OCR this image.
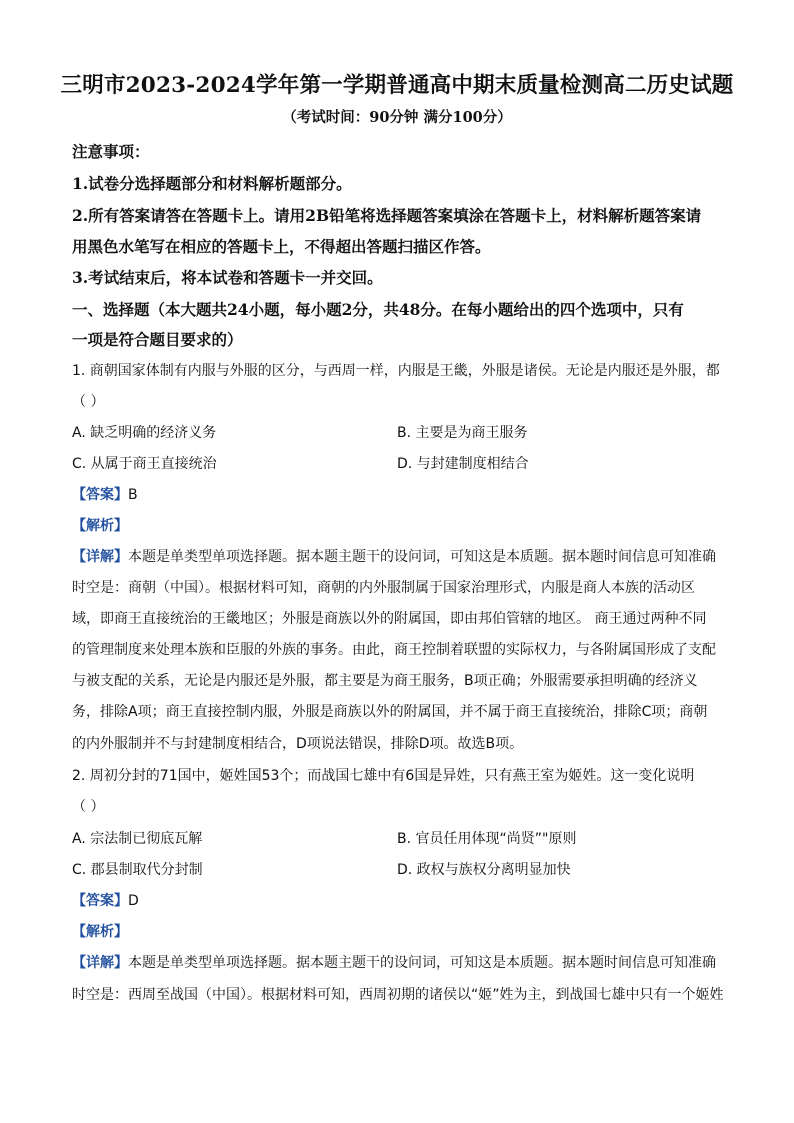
三明市2023-2024学年第一学期普通高中期末质量检测高二历史试题
（考试时间：90分钟 满分100分）
注意事项：
1.试卷分选择题部分和材料解析题部分。
2.所有答案请答在答题卡上。请用2B铅笔将选择题答案填涂在答题卡上，材料解析题答案请
用黑色水笔写在相应的答题卡上，不得超出答题扫描区作答。
3.考试结束后，将本试卷和答题卡一并交回。
一、选择题（本大题共24小题，每小题2分，共48分。在每小题给出的四个选项中，只有
一项是符合题目要求的）
1. 商朝国家体制有内服与外服的区分，与西周一样，内服是王畿，外服是诸侯。无论是内服还是外服，都
（ ）
A. 缺乏明确的经济义务	B. 主要是为商王服务
C. 从属于商王直接统治	D. 与封建制度相结合
【答案】B
【解析】
【详解】本题是单类型单项选择题。据本题主题干的设问词，可知这是本质题。据本题时间信息可知准确
时空是：商朝（中国）。根据材料可知，商朝的内外服制属于国家治理形式，内服是商人本族的活动区
域，即商王直接统治的王畿地区；外服是商族以外的附属国，即由邦伯管辖的地区。 商王通过两种不同
的管理制度来处理本族和臣服的外族的事务。由此，商王控制着联盟的实际权力，与各附属国形成了支配
与被支配的关系，无论是内服还是外服，都主要是为商王服务，B项正确；外服需要承担明确的经济义
务，排除A项；商王直接控制内服，外服是商族以外的附属国，并不属于商王直接统治，排除C项；商朝
的内外服制并不与封建制度相结合，D项说法错误，排除D项。故选B项。
2. 周初分封的71国中，姬姓国53个；而战国七雄中有6国是异姓，只有燕王室为姬姓。这一变化说明
（ ）
A. 宗法制已彻底瓦解	B. 官员任用体现“尚贤”"原则
C. 郡县制取代分封制	D. 政权与族权分离明显加快
【答案】D
【解析】
【详解】本题是单类型单项选择题。据本题主题干的设问词，可知这是本质题。据本题时间信息可知准确
时空是：西周至战国（中国）。根据材料可知，西周初期的诸侯以“姬”姓为主，到战国七雄中只有一个姬姓
